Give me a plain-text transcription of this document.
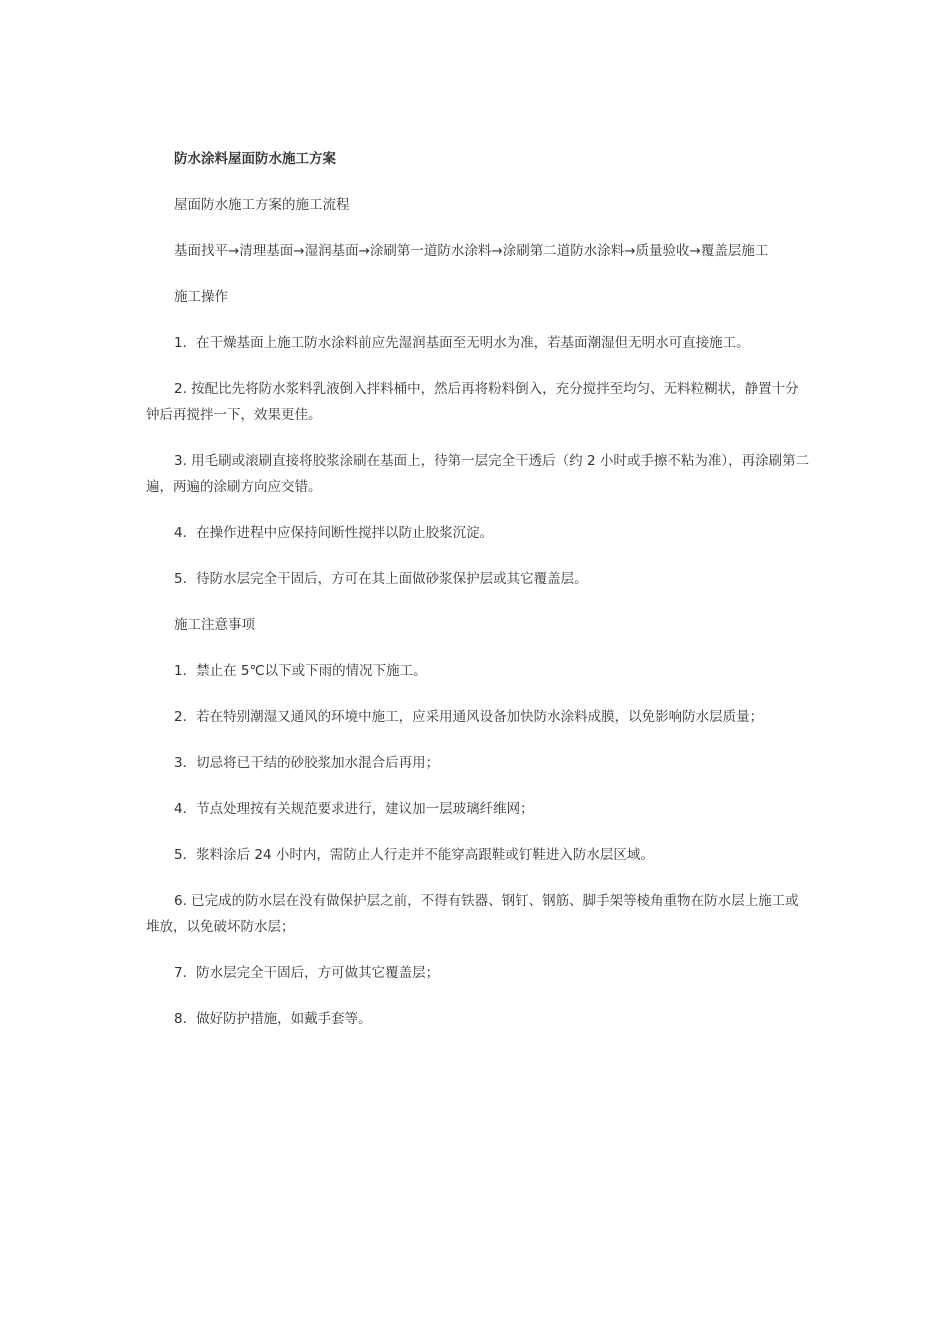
防水涂料屋面防水施工方案

屋面防水施工方案的施工流程

基面找平→清理基面→湿润基面→涂刷第一道防水涂料→涂刷第二道防水涂料→质量验收→覆盖层施工

施工操作

1．在干燥基面上施工防水涂料前应先湿润基面至无明水为准，若基面潮湿但无明水可直接施工。

2. 按配比先将防水浆料乳液倒入拌料桶中，然后再将粉料倒入，充分搅拌至均匀、无料粒糊状，静置十分钟后再搅拌一下，效果更佳。

3. 用毛刷或滚刷直接将胶浆涂刷在基面上，待第一层完全干透后（约 2 小时或手擦不粘为准），再涂刷第二遍，两遍的涂刷方向应交错。

4．在操作进程中应保持间断性搅拌以防止胶浆沉淀。

5．待防水层完全干固后，方可在其上面做砂浆保护层或其它覆盖层。

施工注意事项

1．禁止在 5℃以下或下雨的情况下施工。

2．若在特别潮湿又通风的环境中施工，应采用通风设备加快防水涂料成膜，以免影响防水层质量；

3．切忌将已干结的砂胶浆加水混合后再用；

4．节点处理按有关规范要求进行，建议加一层玻璃纤维网；

5．浆料涂后 24 小时内，需防止人行走并不能穿高跟鞋或钉鞋进入防水层区域。

6. 已完成的防水层在没有做保护层之前，不得有铁器、钢钉、钢筋、脚手架等棱角重物在防水层上施工或堆放，以免破坏防水层；

7．防水层完全干固后，方可做其它覆盖层；

8．做好防护措施，如戴手套等。
